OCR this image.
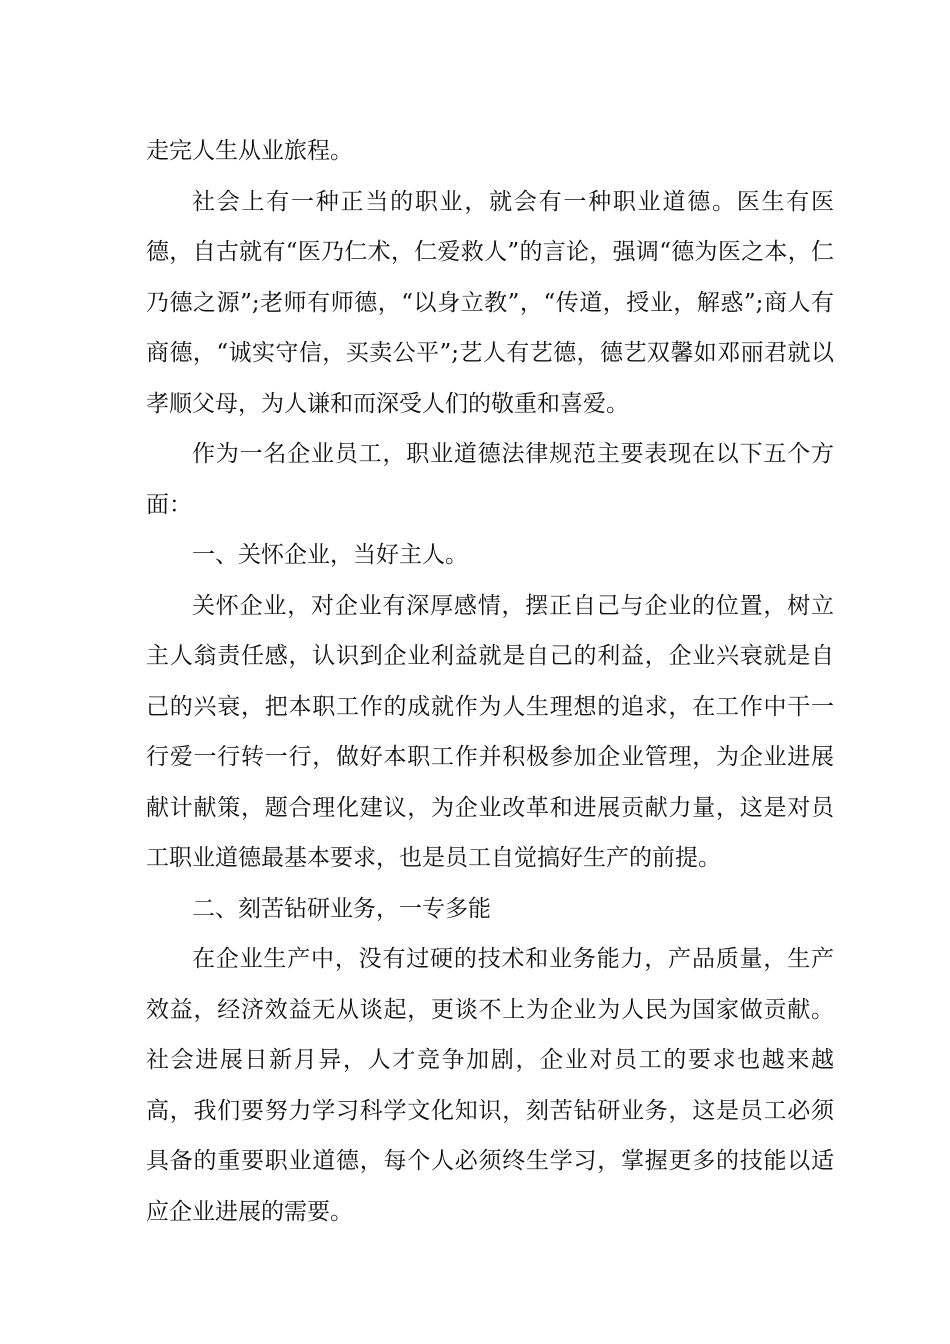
走完人生从业旅程。

社会上有一种正当的职业，就会有一种职业道德。医生有医德，自古就有“医乃仁术，仁爱救人”的言论，强调“德为医之本，仁乃德之源”;老师有师德，“以身立教”，“传道，授业，解惑”;商人有商德，“诚实守信，买卖公平”;艺人有艺德，德艺双馨如邓丽君就以孝顺父母，为人谦和而深受人们的敬重和喜爱。

作为一名企业员工，职业道德法律规范主要表现在以下五个方面：

一、关怀企业，当好主人。

关怀企业，对企业有深厚感情，摆正自己与企业的位置，树立主人翁责任感，认识到企业利益就是自己的利益，企业兴衰就是自己的兴衰，把本职工作的成就作为人生理想的追求，在工作中干一行爱一行转一行，做好本职工作并积极参加企业管理，为企业进展献计献策，题合理化建议，为企业改革和进展贡献力量，这是对员工职业道德最基本要求，也是员工自觉搞好生产的前提。

二、刻苦钻研业务，一专多能

在企业生产中，没有过硬的技术和业务能力，产品质量，生产效益，经济效益无从谈起，更谈不上为企业为人民为国家做贡献。社会进展日新月异，人才竞争加剧，企业对员工的要求也越来越高，我们要努力学习科学文化知识，刻苦钻研业务，这是员工必须具备的重要职业道德，每个人必须终生学习，掌握更多的技能以适应企业进展的需要。
